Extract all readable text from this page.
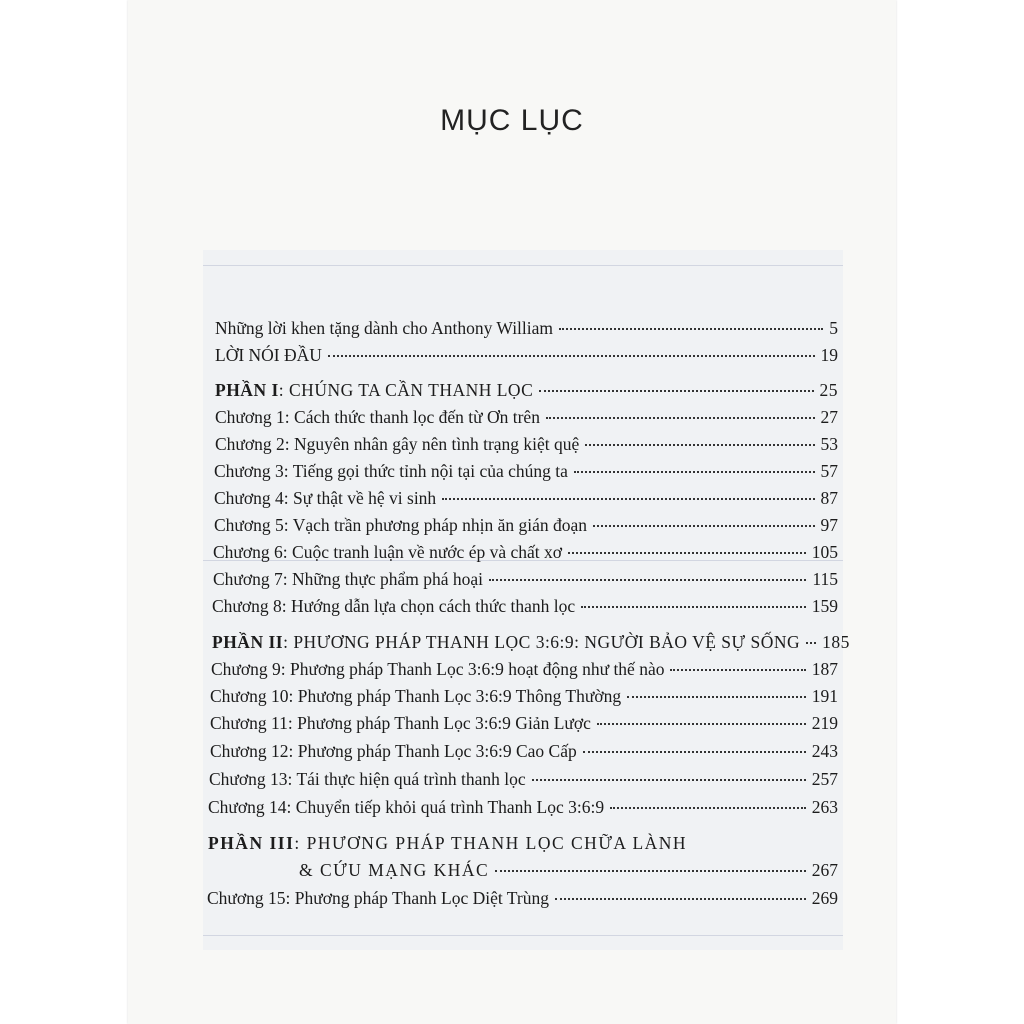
MỤC LỤC
Những lời khen tặng dành cho Anthony William	5
LỜI NÓI ĐẦU	19
PHẦN I: CHÚNG TA CẦN THANH LỌC	25
Chương 1: Cách thức thanh lọc đến từ Ơn trên	27
Chương 2: Nguyên nhân gây nên tình trạng kiệt quệ	53
Chương 3: Tiếng gọi thức tỉnh nội tại của chúng ta	57
Chương 4: Sự thật về hệ vi sinh	87
Chương 5: Vạch trần phương pháp nhịn ăn gián đoạn	97
Chương 6: Cuộc tranh luận về nước ép và chất xơ	105
Chương 7: Những thực phẩm phá hoại	115
Chương 8: Hướng dẫn lựa chọn cách thức thanh lọc	159
PHẦN II: PHƯƠNG PHÁP THANH LỌC 3:6:9: NGƯỜI BẢO VỆ SỰ SỐNG 185
Chương 9: Phương pháp Thanh Lọc 3:6:9 hoạt động như thế nào	187
Chương 10: Phương pháp Thanh Lọc 3:6:9 Thông Thường	191
Chương 11: Phương pháp Thanh Lọc 3:6:9 Giản Lược	219
Chương 12: Phương pháp Thanh Lọc 3:6:9 Cao Cấp	243
Chương 13: Tái thực hiện quá trình thanh lọc	257
Chương 14: Chuyển tiếp khỏi quá trình Thanh Lọc 3:6:9	263
PHẦN III: PHƯƠNG PHÁP THANH LỌC CHỮA LÀNH
& CỨU MẠNG KHÁC	267
Chương 15: Phương pháp Thanh Lọc Diệt Trùng	269
